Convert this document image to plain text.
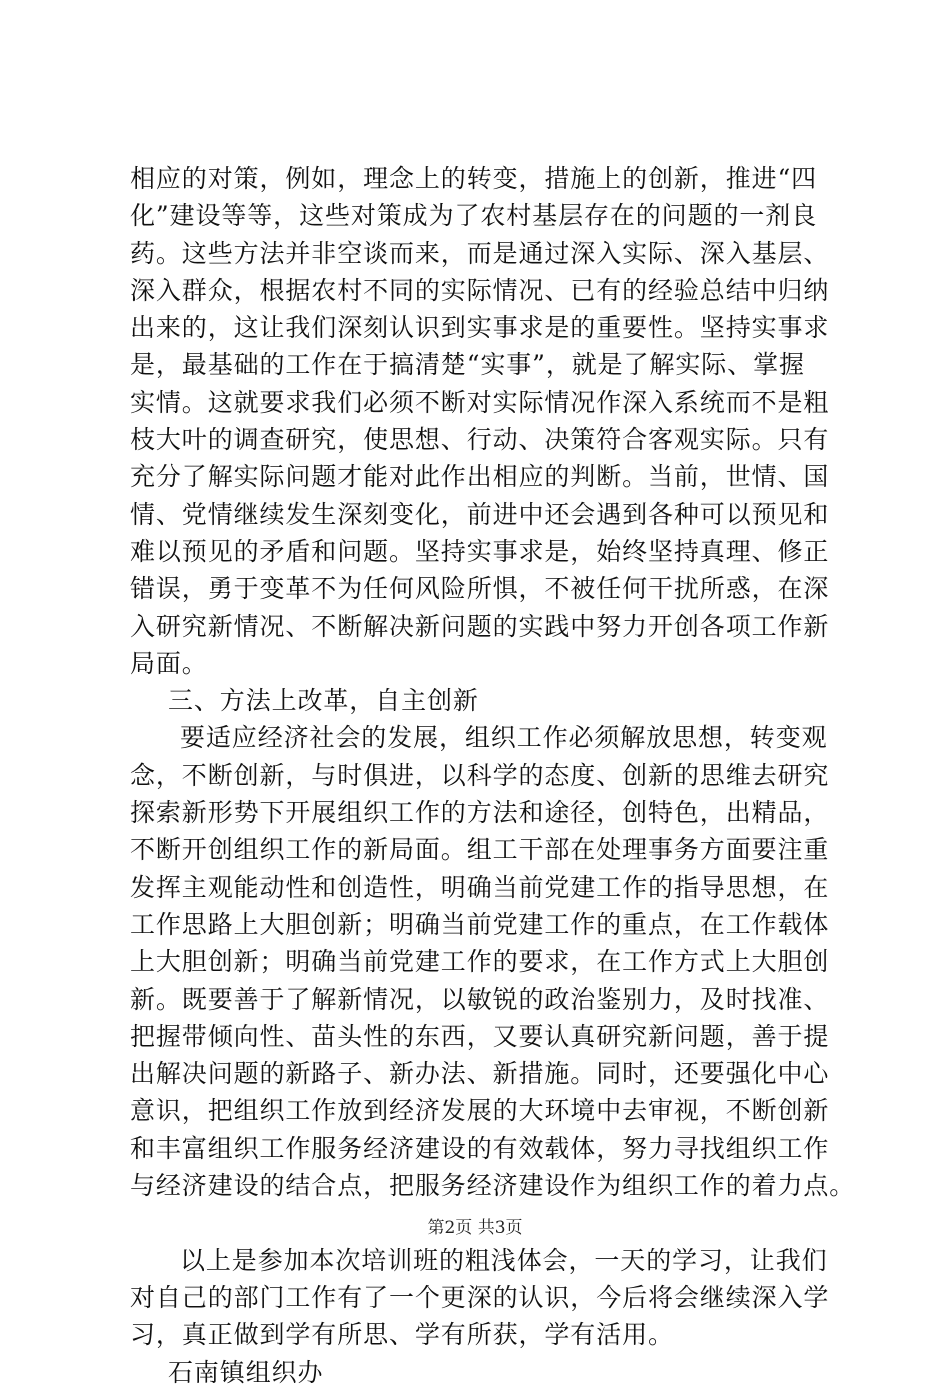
相应的对策，例如，理念上的转变，措施上的创新，推进“四
化”建设等等，这些对策成为了农村基层存在的问题的一剂良
药。这些方法并非空谈而来，而是通过深入实际、深入基层、
深入群众，根据农村不同的实际情况、已有的经验总结中归纳
出来的，这让我们深刻认识到实事求是的重要性。坚持实事求
是，最基础的工作在于搞清楚“实事”，就是了解实际、掌握
实情。这就要求我们必须不断对实际情况作深入系统而不是粗
枝大叶的调查研究，使思想、行动、决策符合客观实际。只有
充分了解实际问题才能对此作出相应的判断。当前，世情、国
情、党情继续发生深刻变化，前进中还会遇到各种可以预见和
难以预见的矛盾和问题。坚持实事求是，始终坚持真理、修正
错误，勇于变革不为任何风险所惧，不被任何干扰所惑，在深
入研究新情况、不断解决新问题的实践中努力开创各项工作新
局面。
三、方法上改革，自主创新
要适应经济社会的发展，组织工作必须解放思想，转变观
念，不断创新，与时俱进，以科学的态度、创新的思维去研究
探索新形势下开展组织工作的方法和途径，创特色，出精品，
不断开创组织工作的新局面。组工干部在处理事务方面要注重
发挥主观能动性和创造性，明确当前党建工作的指导思想，在
工作思路上大胆创新；明确当前党建工作的重点，在工作载体
上大胆创新；明确当前党建工作的要求，在工作方式上大胆创
新。既要善于了解新情况，以敏锐的政治鉴别力，及时找准、
把握带倾向性、苗头性的东西，又要认真研究新问题，善于提
出解决问题的新路子、新办法、新措施。同时，还要强化中心
意识，把组织工作放到经济发展的大环境中去审视，不断创新
和丰富组织工作服务经济建设的有效载体，努力寻找组织工作
与经济建设的结合点，把服务经济建设作为组织工作的着力点。
以上是参加本次培训班的粗浅体会，一天的学习，让我们
对自己的部门工作有了一个更深的认识，今后将会继续深入学
习，真正做到学有所思、学有所获，学有活用。
石南镇组织办
第2页 共3页
